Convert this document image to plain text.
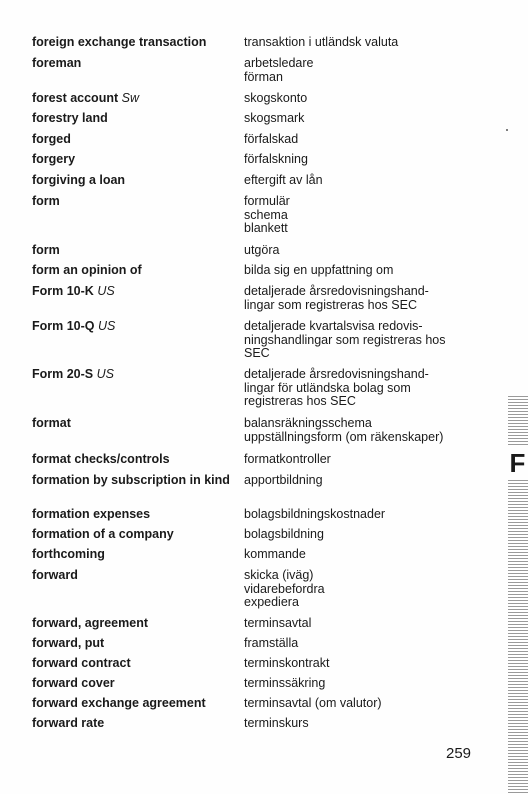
foreign exchange transaction	transaktion i utländsk valuta
foreman	arbetsledare
förman
forest account Sw	skogskonto
forestry land	skogsmark
forged	förfalskad
forgery	förfalskning
forgiving a loan	eftergift av lån
form	formulär
schema
blankett
form	utgöra
form an opinion of	bilda sig en uppfattning om
Form 10-K US	detaljerade årsredovisningshand-
lingar som registreras hos SEC
Form 10-Q US	detaljerade kvartalsvisa redovis-
ningshandlingar som registreras hos
SEC
Form 20-S US	detaljerade årsredovisningshand-
lingar för utländska bolag som
registreras hos SEC
format	balansräkningsschema
uppställningsform (om räkenskaper)
format checks/controls	formatkontroller
formation by subscription in kind apportbildning
formation expenses	bolagsbildningskostnader
formation of a company	bolagsbildning
forthcoming	kommande
forward	skicka (iväg)
vidarebefordra
expediera
forward, agreement	terminsavtal
forward, put	framställa
forward contract	terminskontrakt
forward cover	terminssäkring
forward exchange agreement	terminsavtal (om valutor)
forward rate	terminskurs
F
259
